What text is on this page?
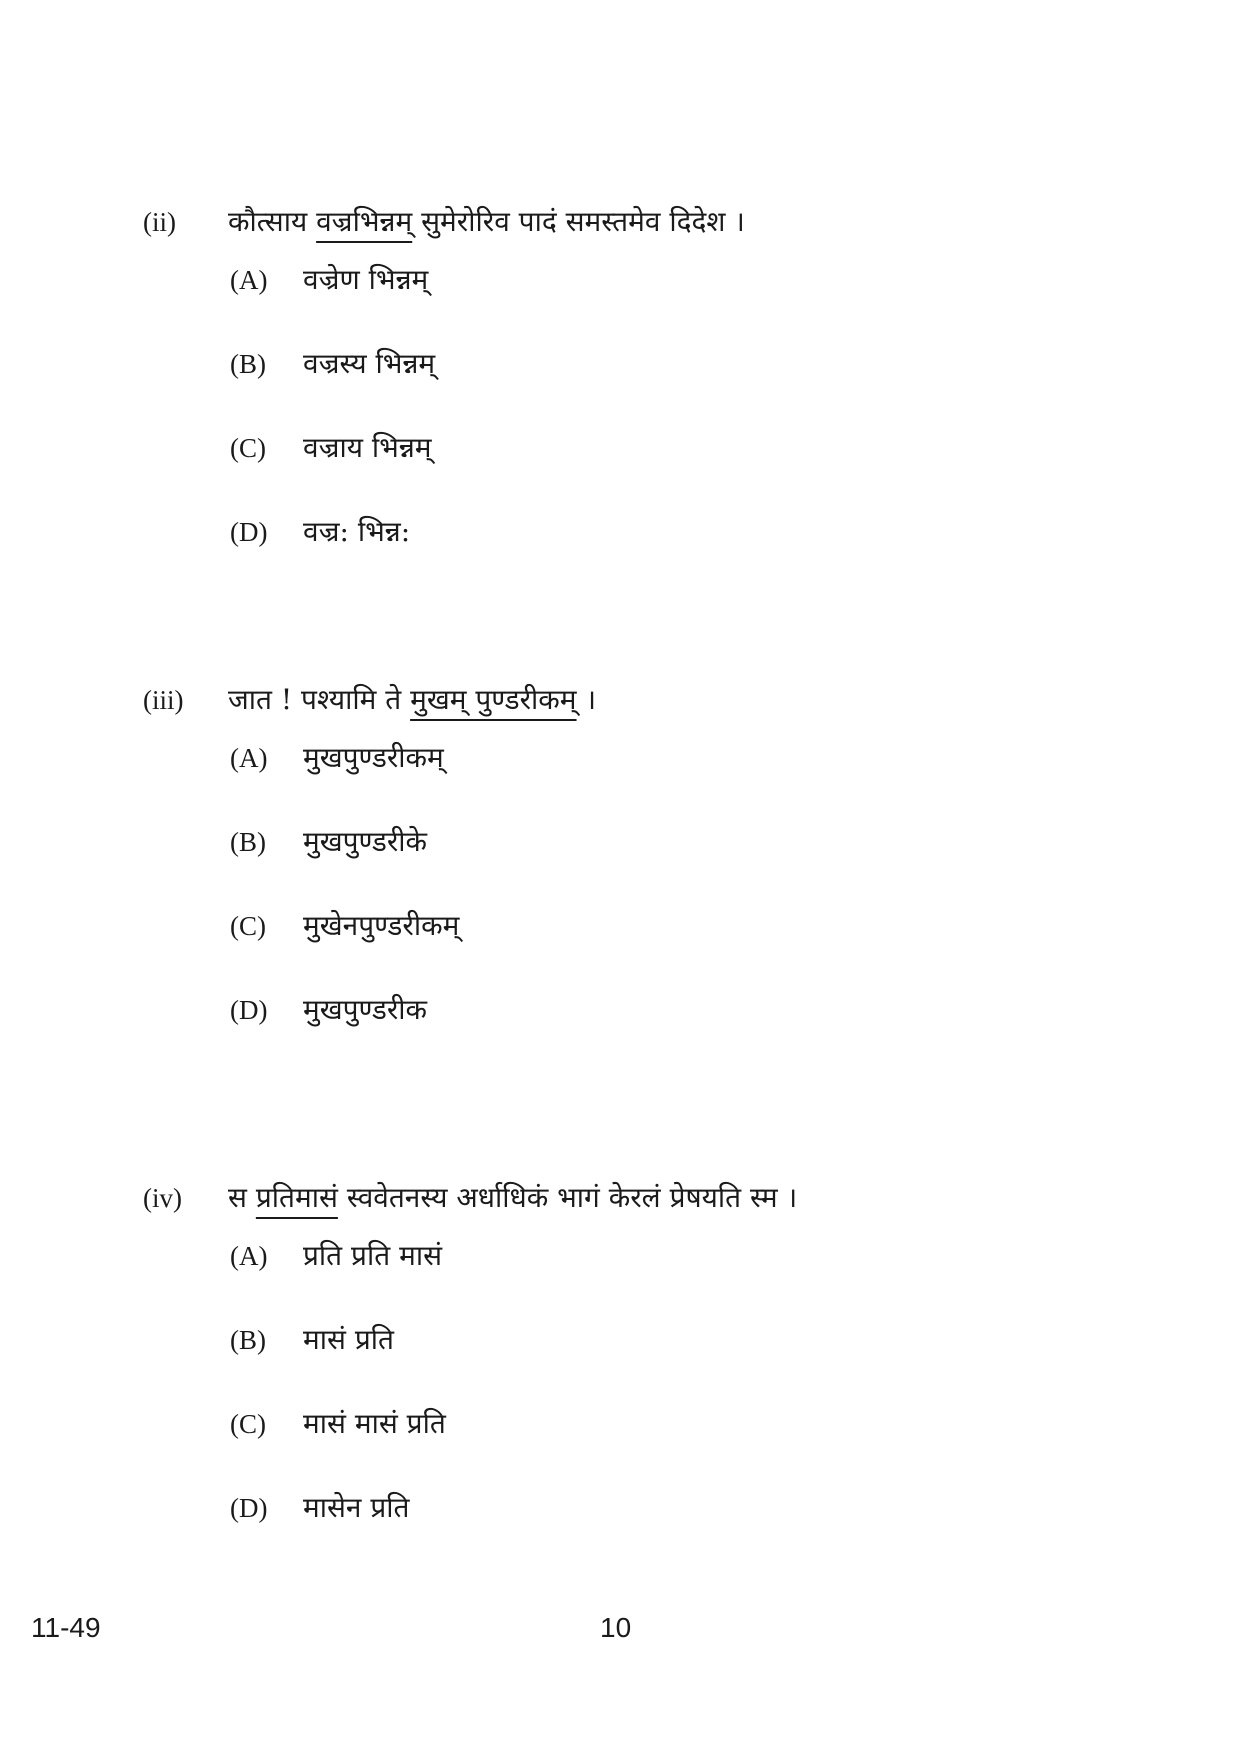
(ii) कौत्साय वज्रभिन्नम् सुमेरोरिव पादं समस्तमेव दिदेश ।
(A) वज्रेण भिन्नम्
(B) वज्रस्य भिन्नम्
(C) वज्राय भिन्नम्
(D) वज्र: भिन्न:
(iii) जात ! पश्यामि ते मुखम् पुण्डरीकम् ।
(A) मुखपुण्डरीकम्
(B) मुखपुण्डरीके
(C) मुखेनपुण्डरीकम्
(D) मुखपुण्डरीक
(iv) स प्रतिमासं स्ववेतनस्य अर्धाधिकं भागं केरलं प्रेषयति स्म ।
(A) प्रति प्रति मासं
(B) मासं प्रति
(C) मासं मासं प्रति
(D) मासेन प्रति
11-49	10
